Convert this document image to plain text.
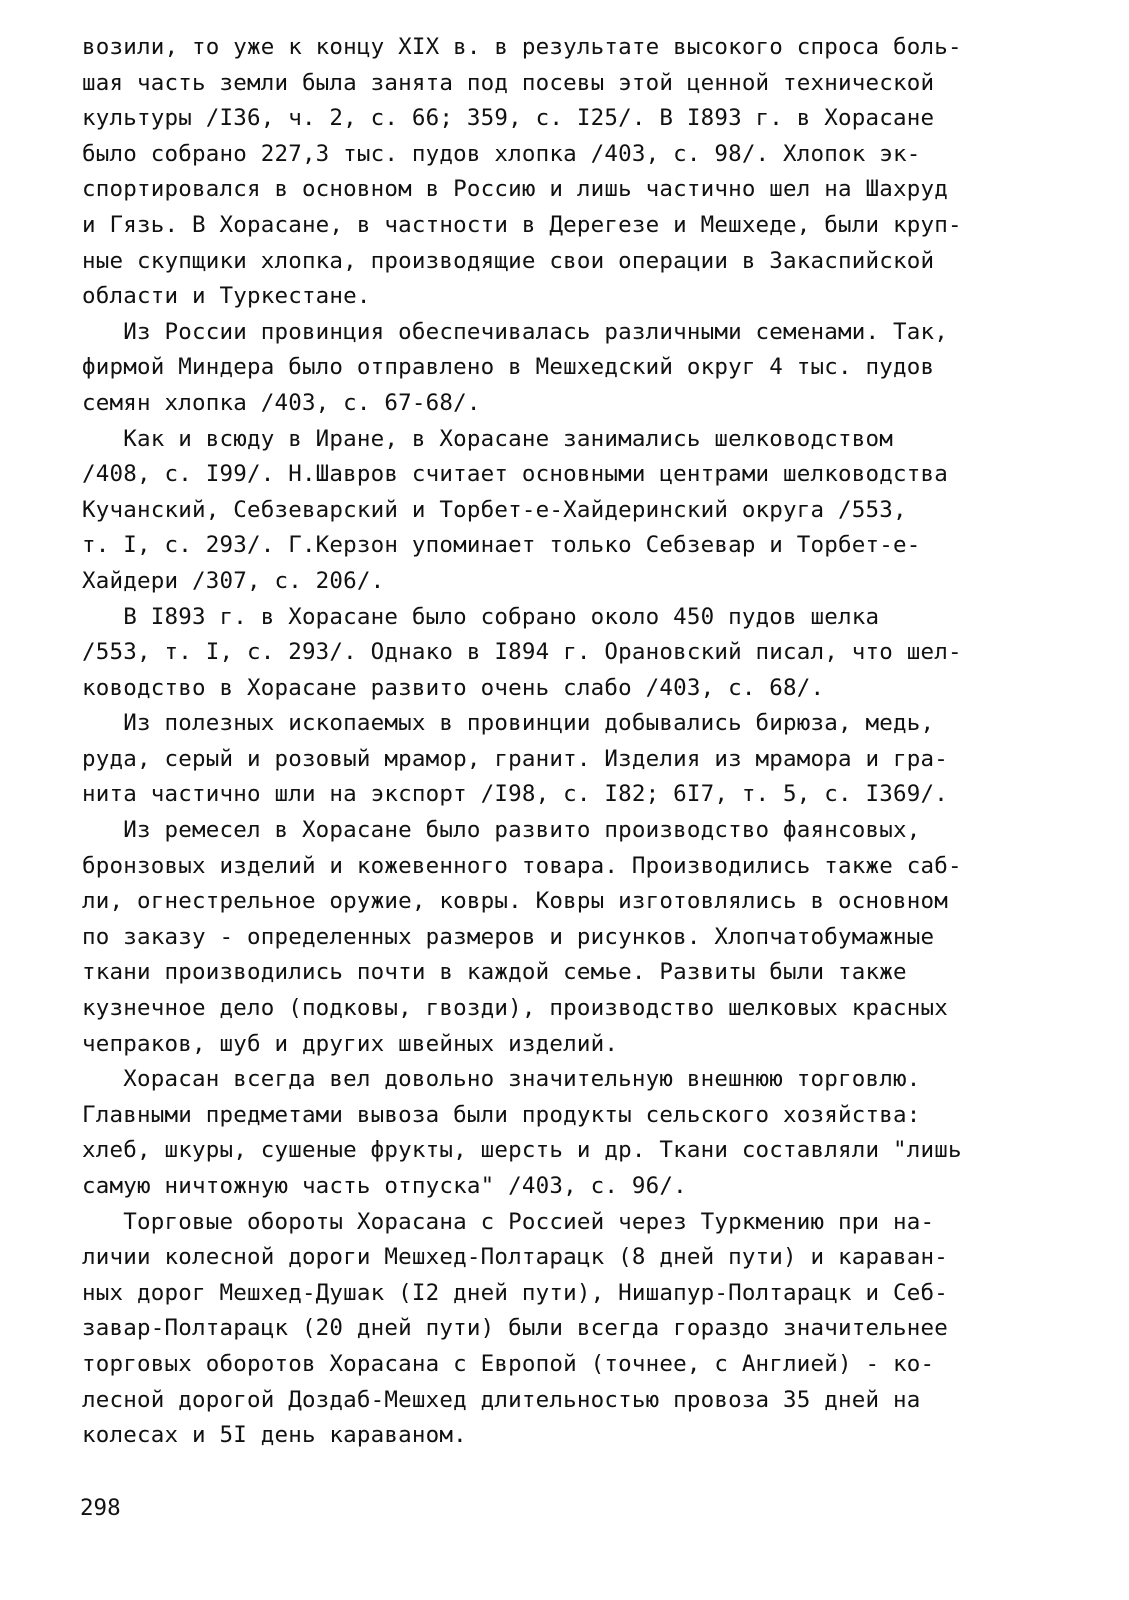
возили, то уже к концу XIX в. в результате высокого спроса боль-
шая часть земли была занята под посевы этой ценной технической
культуры /I36, ч. 2, с. 66; 359, с. I25/. В I893 г. в Хорасане
было собрано 227,3 тыс. пудов хлопка /403, с. 98/. Хлопок эк-
спортировался в основном в Россию и лишь частично шел на Шахруд
и Гязь. В Хорасане, в частности в Дерегезе и Мешхеде, были круп-
ные скупщики хлопка, производящие свои операции в Закаспийской
области и Туркестане.

Из России провинция обеспечивалась различными семенами. Так,
фирмой Миндера было отправлено в Мешхедский округ 4 тыс. пудов
семян хлопка /403, с. 67-68/.

Как и всюду в Иране, в Хорасане занимались шелководством
/408, с. I99/. Н.Шавров считает основными центрами шелководства
Кучанский, Себзеварский и Торбет-е-Хайдеринский округа /553,
т. I, с. 293/. Г.Керзон упоминает только Себзевар и Торбет-е-
Хайдери /307, с. 206/.

В I893 г. в Хорасане было собрано около 450 пудов шелка
/553, т. I, с. 293/. Однако в I894 г. Орановский писал, что шел-
ководство в Хорасане развито очень слабо /403, с. 68/.

Из полезных ископаемых в провинции добывались бирюза, медь,
руда, серый и розовый мрамор, гранит. Изделия из мрамора и гра-
нита частично шли на экспорт /I98, с. I82; 6I7, т. 5, с. I369/.

Из ремесел в Хорасане было развито производство фаянсовых,
бронзовых изделий и кожевенного товара. Производились также саб-
ли, огнестрельное оружие, ковры. Ковры изготовлялись в основном
по заказу - определенных размеров и рисунков. Хлопчатобумажные
ткани производились почти в каждой семье. Развиты были также
кузнечное дело (подковы, гвозди), производство шелковых красных
чепраков, шуб и других швейных изделий.

Хорасан всегда вел довольно значительную внешнюю торговлю.
Главными предметами вывоза были продукты сельского хозяйства:
хлеб, шкуры, сушеные фрукты, шерсть и др. Ткани составляли "лишь
самую ничтожную часть отпуска" /403, с. 96/.

Торговые обороты Хорасана с Россией через Туркмению при на-
личии колесной дороги Мешхед-Полтарацк (8 дней пути) и караван-
ных дорог Мешхед-Душак (I2 дней пути), Нишапур-Полтарацк и Себ-
завар-Полтарацк (20 дней пути) были всегда гораздо значительнее
торговых оборотов Хорасана с Европой (точнее, с Англией) - ко-
лесной дорогой Доздаб-Мешхед длительностью провоза 35 дней на
колесах и 5I день караваном.

298
